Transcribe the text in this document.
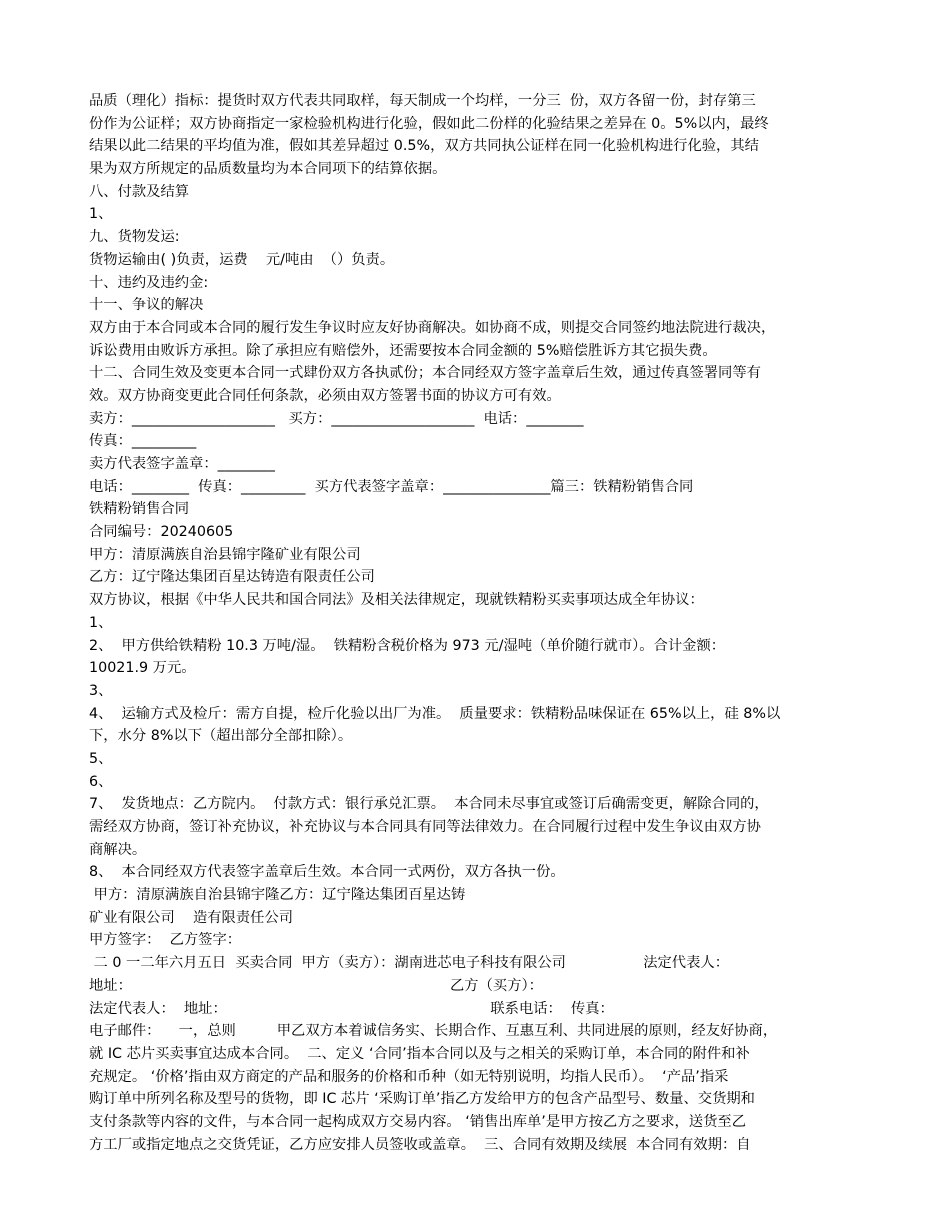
品质（理化）指标：提货时双方代表共同取样，每天制成一个均样，一分三  份，双方各留一份，封存第三
份作为公证样；双方协商指定一家检验机构进行化验，假如此二份样的化验结果之差异在 0。5%以内，最终
结果以此二结果的平均值为准，假如其差异超过 0.5%，双方共同执公证样在同一化验机构进行化验，其结
果为双方所规定的品质数量均为本合同项下的结算依据。
八、付款及结算
1、
九、货物发运:
货物运输由( )负责，运费    元/吨由  （）负责。
十、违约及违约金:
十一、争议的解决
双方由于本合同或本合同的履行发生争议时应友好协商解决。如协商不成，则提交合同签约地法院进行裁决，
诉讼费用由败诉方承担。除了承担应有赔偿外，还需要按本合同金额的 5%赔偿胜诉方其它损失费。
十二、合同生效及变更本合同一式肆份双方各执贰份；本合同经双方签字盖章后生效，通过传真签署同等有
效。双方协商变更此合同任何条款，必须由双方签署书面的协议方可有效。
卖方：____________________   买方：____________________  电话：________
传真：_________
卖方代表签字盖章：________
电话：________  传真：_________  买方代表签字盖章：_______________篇三：铁精粉销售合同
铁精粉销售合同
合同编号：20240605
甲方：清原满族自治县锦宇隆矿业有限公司
乙方：辽宁隆达集团百星达铸造有限责任公司
双方协议，根据《中华人民共和国合同法》及相关法律规定，现就铁精粉买卖事项达成全年协议：
1、
2、  甲方供给铁精粉 10.3 万吨/湿。  铁精粉含税价格为 973 元/湿吨（单价随行就市）。合计金额：
10021.9 万元。
3、
4、  运输方式及检斤：需方自提，检斤化验以出厂为准。  质量要求：铁精粉品味保证在 65%以上，硅 8%以
下，水分 8%以下（超出部分全部扣除）。
5、
6、
7、  发货地点：乙方院内。  付款方式：银行承兑汇票。  本合同未尽事宜或签订后确需变更，解除合同的，
需经双方协商，签订补充协议，补充协议与本合同具有同等法律效力。在合同履行过程中发生争议由双方协
商解决。
8、  本合同经双方代表签字盖章后生效。本合同一式两份，双方各执一份。
甲方：清原满族自治县锦宇隆乙方：辽宁隆达集团百星达铸
矿业有限公司    造有限责任公司
甲方签字：  乙方签字：
二 0 一二年六月五日  买卖合同  甲方（卖方）：湖南进芯电子科技有限公司                 法定代表人：
地址：                                                                      乙方（买方）：
法定代表人：  地址：                                                          联系电话：  传真：
电子邮件：    一，总则         甲乙双方本着诚信务实、长期合作、互惠互利、共同进展的原则，经友好协商，
就 IC 芯片买卖事宜达成本合同。  二、定义 ‘合同’指本合同以及与之相关的采购订单，本合同的附件和补
充规定。 ‘价格’指由双方商定的产品和服务的价格和币种（如无特别说明，均指人民币）。  ‘产品’指采
购订单中所列名称及型号的货物，即 IC 芯片 ‘采购订单’指乙方发给甲方的包含产品型号、数量、交货期和
支付条款等内容的文件，与本合同一起构成双方交易内容。 ‘销售出库单’是甲方按乙方之要求，送货至乙
方工厂或指定地点之交货凭证，乙方应安排人员签收或盖章。  三、合同有效期及续展  本合同有效期：自
